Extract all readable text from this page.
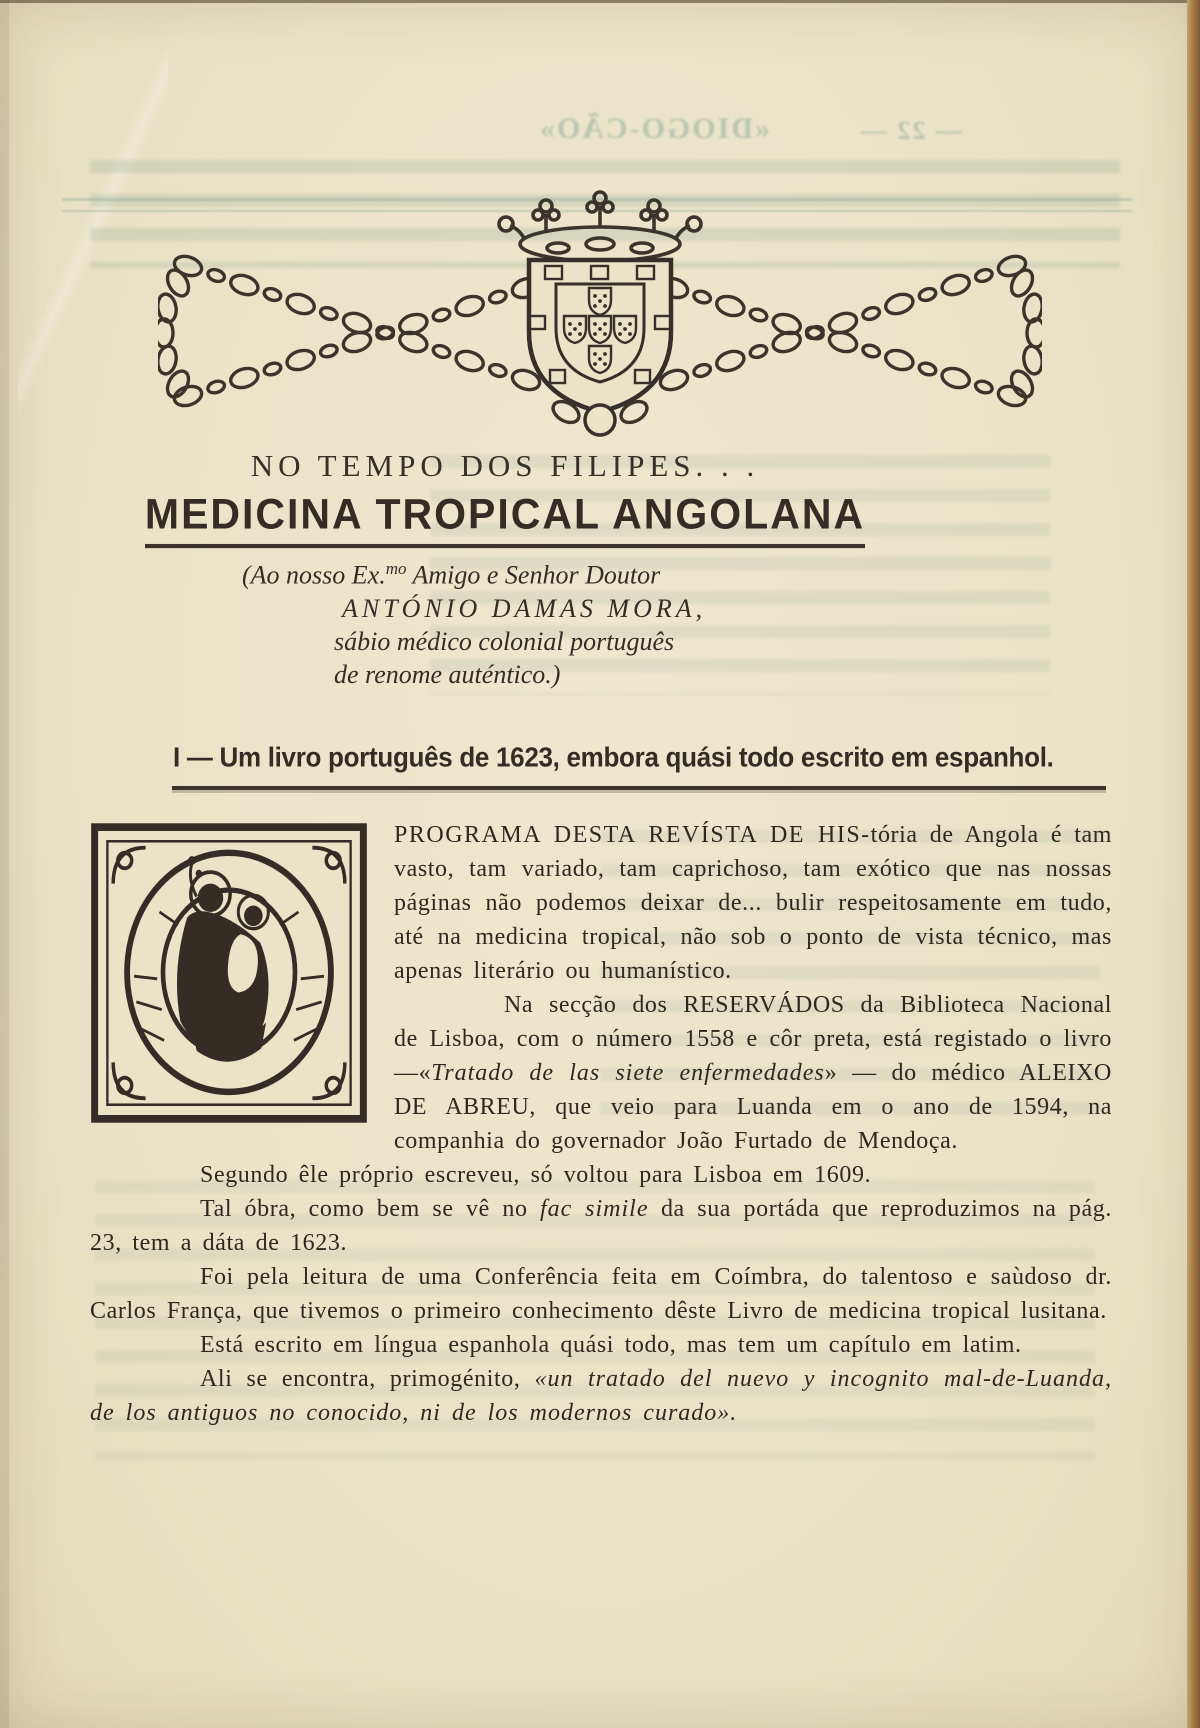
«DIOGO-CÃO»	— 22 —
NO TEMPO DOS FILIPES. . .
MEDICINA TROPICAL ANGOLANA
(Ao nosso Ex.$^{mo}$ Amigo e Senhor Doutor
ANTÓNIO DAMAS MORA,
sábio médico colonial português
de renome auténtico.)
I — Um livro português de 1623, embora quási todo escrito em espanhol.

PROGRAMA DESTA REVÍSTA DE HIS-tória de Angola é tam vasto, tam variado, tam caprichoso, tam exótico que nas nossas páginas não podemos deixar de... bulir respeitosamente em tudo, até na medicina tropical, não sob o ponto de vista técnico, mas apenas literário ou humanístico.

Na secção dos RESERVÁDOS da Biblioteca Nacional de Lisboa, com o número 1558 e côr preta, está registado o livro—«Tratado de las siete enfermedades» — do médico ALEIXO DE ABREU, que veio para Luanda em o ano de 1594, na companhia do governador João Furtado de Mendoça.

Segundo êle próprio escreveu, só voltou para Lisboa em 1609.

Tal óbra, como bem se vê no fac simile da sua portáda que reproduzimos na pág. 23, tem a dáta de 1623.

Foi pela leitura de uma Conferência feita em Coímbra, do talentoso e saùdoso dr. Carlos França, que tivemos o primeiro conhecimento dêste Livro de medicina tropical lusitana.

Está escrito em língua espanhola quási todo, mas tem um capítulo em latim.

Ali se encontra, primogénito, «un tratado del nuevo y incognito mal-de-Luanda, de los antiguos no conocido, ni de los modernos curado».
